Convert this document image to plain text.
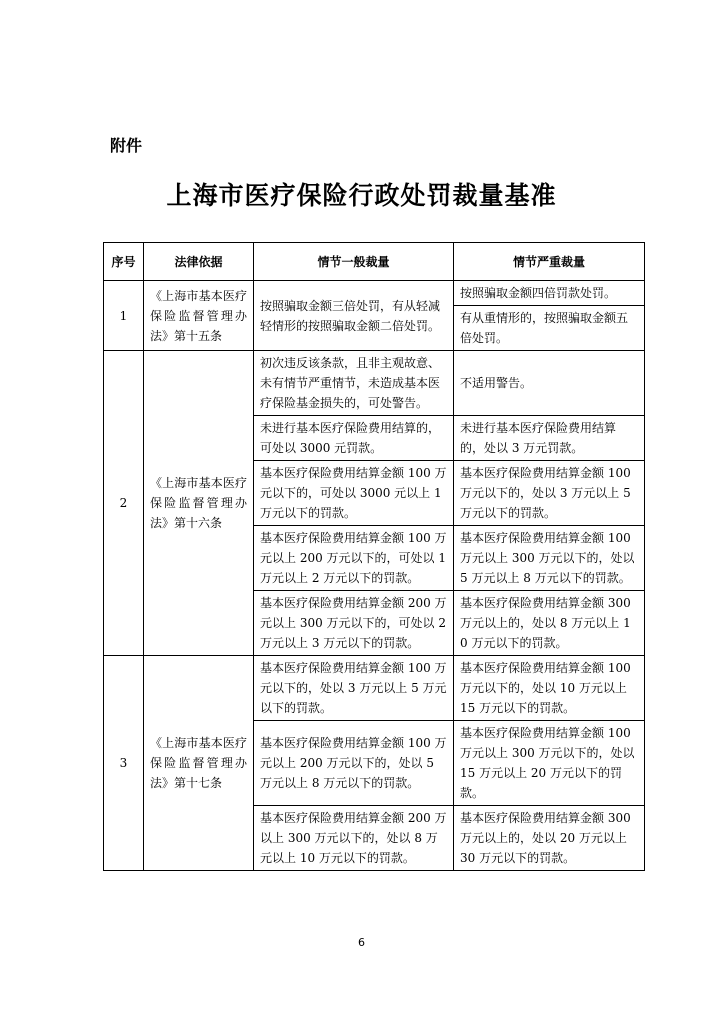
附件
上海市医疗保险行政处罚裁量基准
序号	法律依据	情节一般裁量	情节严重裁量
1	《上海市基本医疗保险监督管理办法》第十五条	按照骗取金额三倍处罚，有从轻减轻情形的按照骗取金额二倍处罚。	按照骗取金额四倍罚款处罚。
			有从重情形的，按照骗取金额五倍处罚。
2	《上海市基本医疗保险监督管理办法》第十六条	初次违反该条款，且非主观故意、未有情节严重情节，未造成基本医疗保险基金损失的，可处警告。	不适用警告。
		未进行基本医疗保险费用结算的，可处以 3000 元罚款。	未进行基本医疗保险费用结算的，处以 3 万元罚款。
		基本医疗保险费用结算金额 100 万元以下的，可处以 3000 元以上 1 万元以下的罚款。	基本医疗保险费用结算金额 100 万元以下的，处以 3 万元以上 5 万元以下的罚款。
		基本医疗保险费用结算金额 100 万元以上 200 万元以下的，可处以 1 万元以上 2 万元以下的罚款。	基本医疗保险费用结算金额 100 万元以上 300 万元以下的，处以 5 万元以上 8 万元以下的罚款。
		基本医疗保险费用结算金额 200 万元以上 300 万元以下的，可处以 2 万元以上 3 万元以下的罚款。	基本医疗保险费用结算金额 300 万元以上的，处以 8 万元以上 10 万元以下的罚款。
3	《上海市基本医疗保险监督管理办法》第十七条	基本医疗保险费用结算金额 100 万元以下的，处以 3 万元以上 5 万元以下的罚款。	基本医疗保险费用结算金额 100 万元以下的，处以 10 万元以上 15 万元以下的罚款。
		基本医疗保险费用结算金额 100 万元以上 200 万元以下的，处以 5 万元以上 8 万元以下的罚款。	基本医疗保险费用结算金额 100 万元以上 300 万元以下的，处以 15 万元以上 20 万元以下的罚款。
		基本医疗保险费用结算金额 200 万以上 300 万元以下的，处以 8 万元以上 10 万元以下的罚款。	基本医疗保险费用结算金额 300 万元以上的，处以 20 万元以上 30 万元以下的罚款。
6
